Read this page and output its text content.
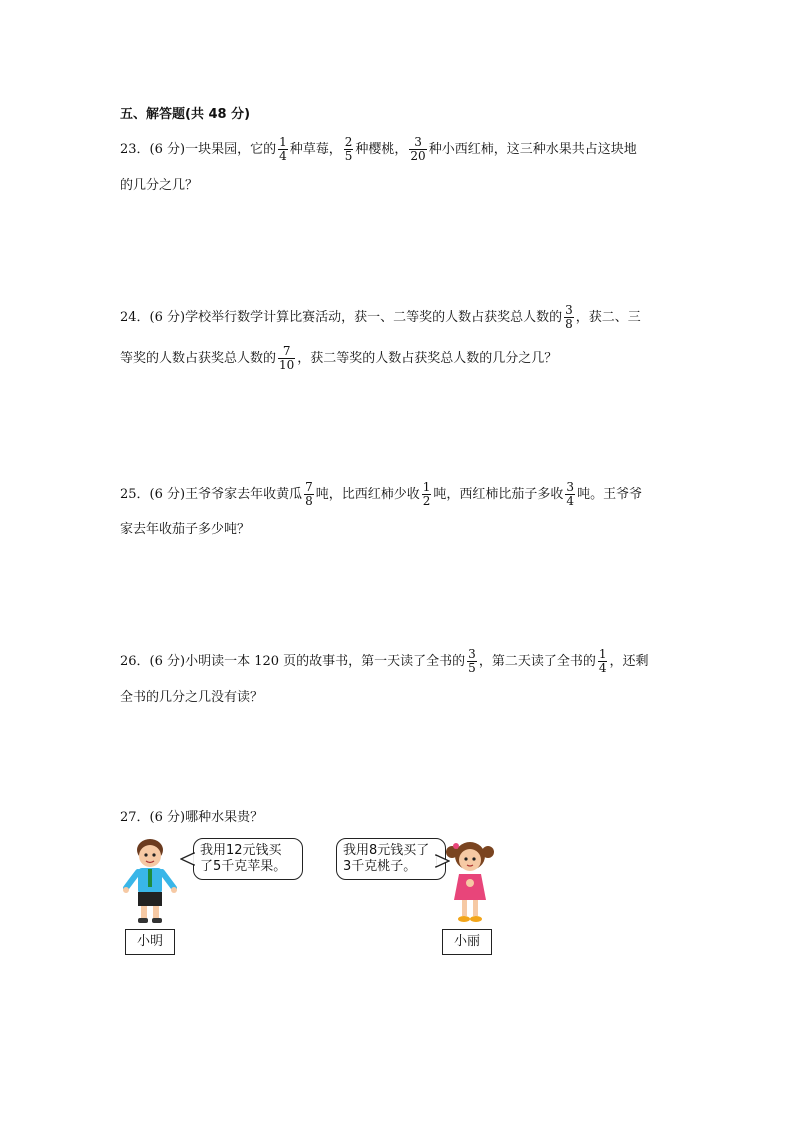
五、解答题(共 48 分)
23．(6 分)一块果园，它的 $\frac{1}{4}$ 种草莓， $\frac{2}{5}$ 种樱桃， $\frac{3}{20}$ 种小西红柿，这三种水果共占这块地
的几分之几？
24．(6 分)学校举行数学计算比赛活动，获一、二等奖的人数占获奖总人数的 $\frac{3}{8}$ ，获二、三
等奖的人数占获奖总人数的 $\frac{7}{10}$ ，获二等奖的人数占获奖总人数的几分之几？
25．(6 分)王爷爷家去年收黄瓜 $\frac{7}{8}$ 吨，比西红柿少收 $\frac{1}{2}$ 吨，西红柿比茄子多收 $\frac{3}{4}$ 吨。王爷爷
家去年收茄子多少吨？
26．(6 分)小明读一本 120 页的故事书，第一天读了全书的 $\frac{3}{5}$ ，第二天读了全书的 $\frac{1}{4}$ ，还剩
全书的几分之几没有读？
27．(6 分)哪种水果贵？
我用12元钱买
了5千克苹果。
小明
我用8元钱买了
3千克桃子。
小丽
